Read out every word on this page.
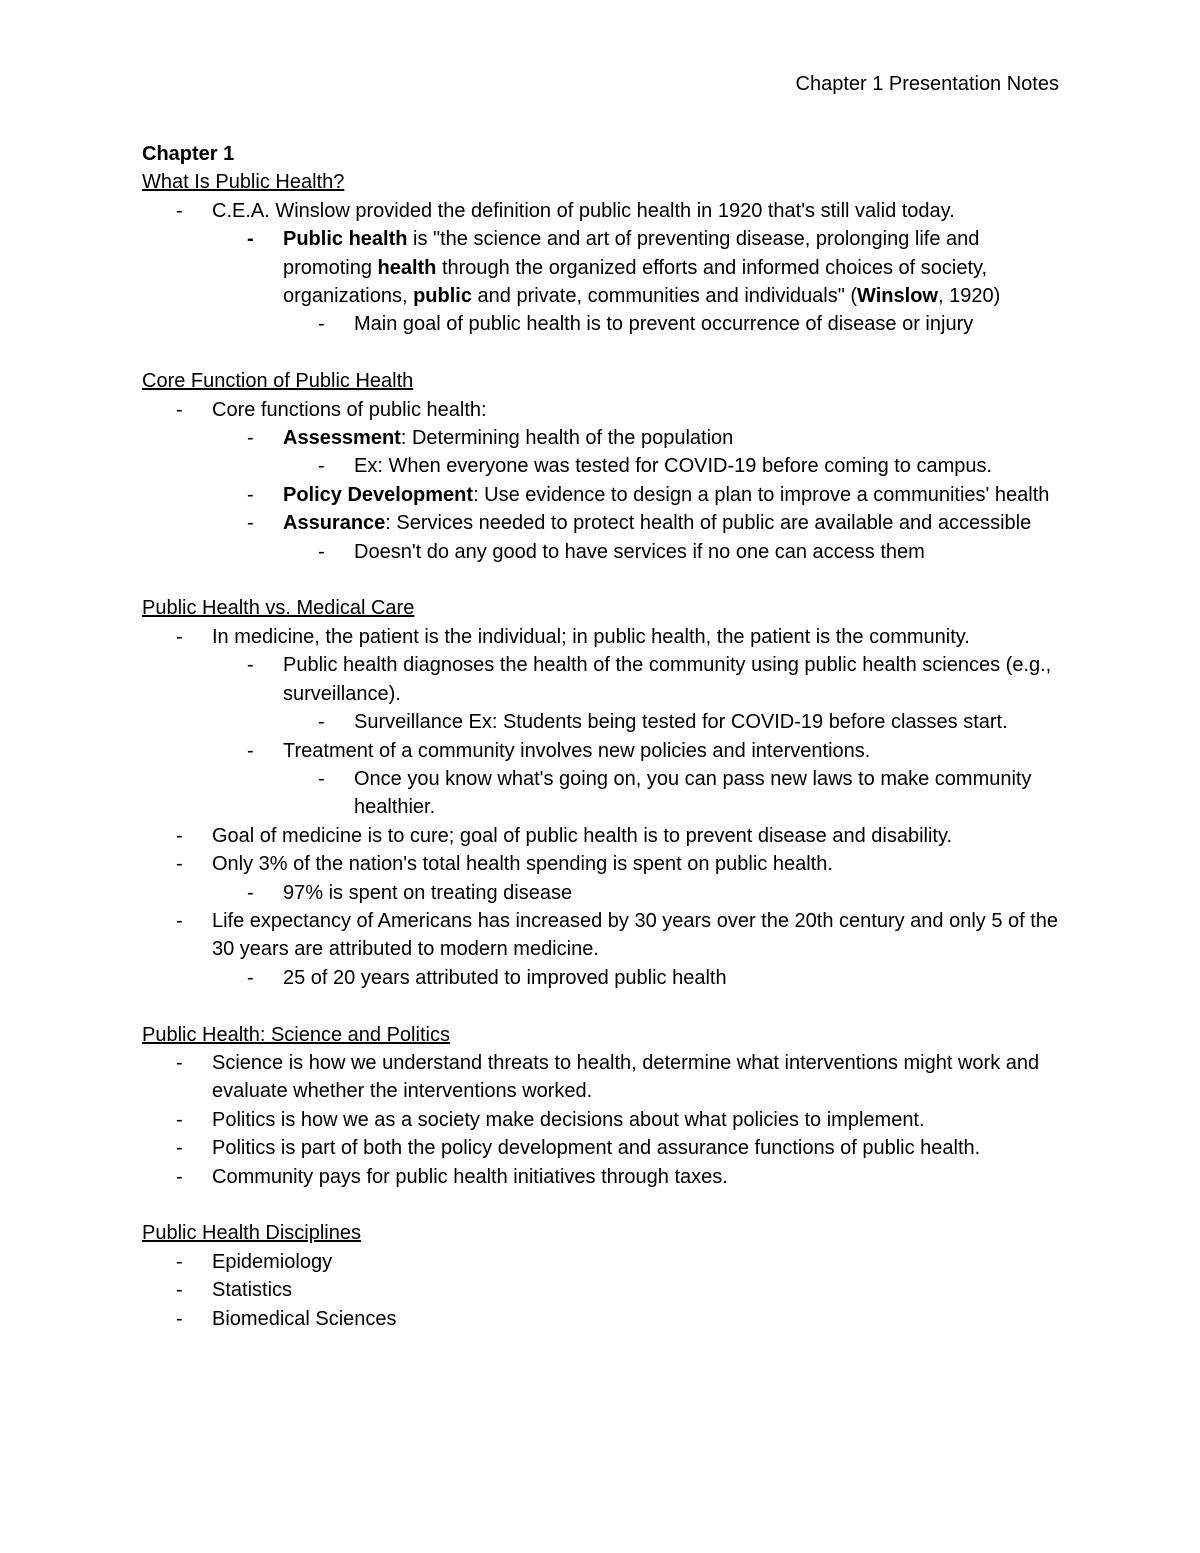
Chapter 1 Presentation Notes
Chapter 1
What Is Public Health?
- C.E.A. Winslow provided the definition of public health in 1920 that's still valid today.
- Public health is "the science and art of preventing disease, prolonging life and promoting health through the organized efforts and informed choices of society, organizations, public and private, communities and individuals" (Winslow, 1920)
- Main goal of public health is to prevent occurrence of disease or injury
Core Function of Public Health
- Core functions of public health:
- Assessment: Determining health of the population
- Ex: When everyone was tested for COVID-19 before coming to campus.
- Policy Development: Use evidence to design a plan to improve a communities' health
- Assurance: Services needed to protect health of public are available and accessible
- Doesn't do any good to have services if no one can access them
Public Health vs. Medical Care
- In medicine, the patient is the individual; in public health, the patient is the community.
- Public health diagnoses the health of the community using public health sciences (e.g., surveillance).
- Surveillance Ex: Students being tested for COVID-19 before classes start.
- Treatment of a community involves new policies and interventions.
- Once you know what's going on, you can pass new laws to make community healthier.
- Goal of medicine is to cure; goal of public health is to prevent disease and disability.
- Only 3% of the nation's total health spending is spent on public health.
- 97% is spent on treating disease
- Life expectancy of Americans has increased by 30 years over the 20th century and only 5 of the 30 years are attributed to modern medicine.
- 25 of 20 years attributed to improved public health
Public Health: Science and Politics
- Science is how we understand threats to health, determine what interventions might work and evaluate whether the interventions worked.
- Politics is how we as a society make decisions about what policies to implement.
- Politics is part of both the policy development and assurance functions of public health.
- Community pays for public health initiatives through taxes.
Public Health Disciplines
- Epidemiology
- Statistics
- Biomedical Sciences
